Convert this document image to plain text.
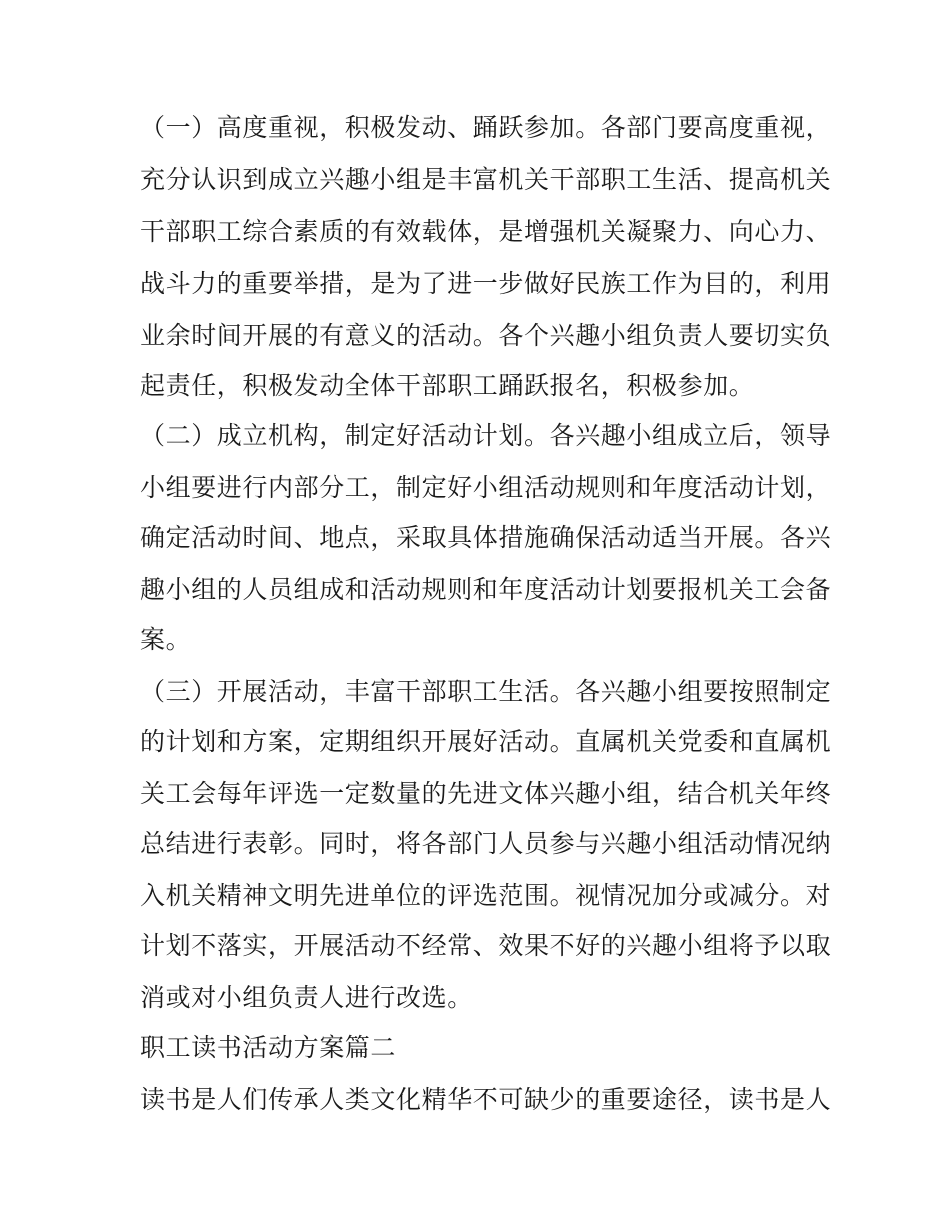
（一）高度重视，积极发动、踊跃参加。各部门要高度重视，
充分认识到成立兴趣小组是丰富机关干部职工生活、提高机关
干部职工综合素质的有效载体，是增强机关凝聚力、向心力、
战斗力的重要举措，是为了进一步做好民族工作为目的，利用
业余时间开展的有意义的活动。各个兴趣小组负责人要切实负
起责任，积极发动全体干部职工踊跃报名，积极参加。
（二）成立机构，制定好活动计划。各兴趣小组成立后，领导
小组要进行内部分工，制定好小组活动规则和年度活动计划，
确定活动时间、地点，采取具体措施确保活动适当开展。各兴
趣小组的人员组成和活动规则和年度活动计划要报机关工会备
案。
（三）开展活动，丰富干部职工生活。各兴趣小组要按照制定
的计划和方案，定期组织开展好活动。直属机关党委和直属机
关工会每年评选一定数量的先进文体兴趣小组，结合机关年终
总结进行表彰。同时，将各部门人员参与兴趣小组活动情况纳
入机关精神文明先进单位的评选范围。视情况加分或减分。对
计划不落实，开展活动不经常、效果不好的兴趣小组将予以取
消或对小组负责人进行改选。
职工读书活动方案篇二
读书是人们传承人类文化精华不可缺少的重要途径，读书是人
